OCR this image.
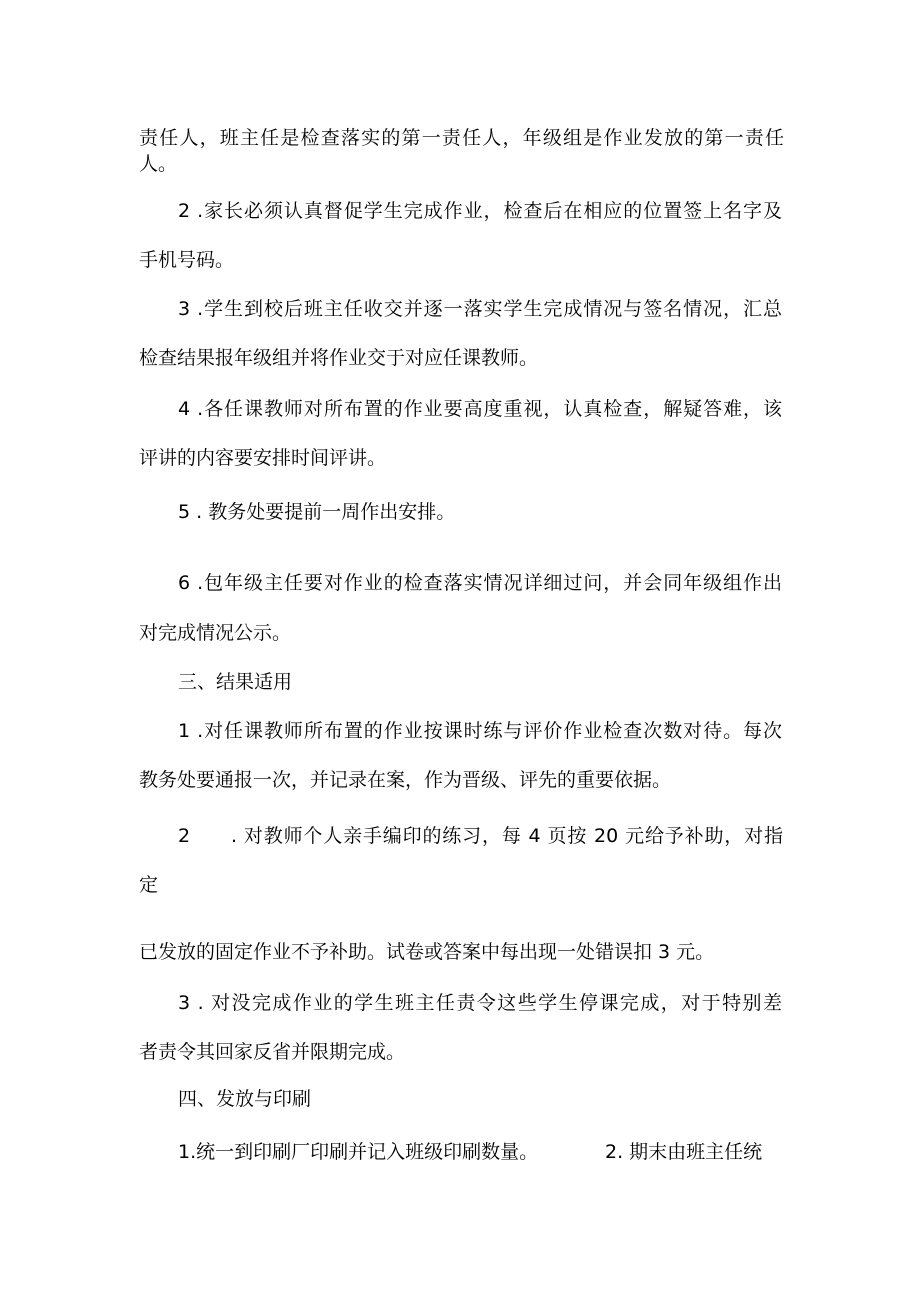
责任人，班主任是检查落实的第一责任人，年级组是作业发放的第一责任

人。

2 .家长必须认真督促学生完成作业，检查后在相应的位置签上名字及

手机号码。

3 .学生到校后班主任收交并逐一落实学生完成情况与签名情况，汇总

检查结果报年级组并将作业交于对应任课教师。

4 .各任课教师对所布置的作业要高度重视，认真检查，解疑答难，该

评讲的内容要安排时间评讲。

5 . 教务处要提前一周作出安排。

6 .包年级主任要对作业的检查落实情况详细过问，并会同年级组作出

对完成情况公示。

三、结果适用

1 .对任课教师所布置的作业按课时练与评价作业检查次数对待。每次

教务处要通报一次，并记录在案，作为晋级、评先的重要依据。

2 . 对教师个人亲手编印的练习，每 4 页按 20 元给予补助，对指

定

已发放的固定作业不予补助。试卷或答案中每出现一处错误扣 3 元。

3 . 对没完成作业的学生班主任责令这些学生停课完成，对于特别差

者责令其回家反省并限期完成。

四、发放与印刷

1.统一到印刷厂印刷并记入班级印刷数量。	2. 期末由班主任统
